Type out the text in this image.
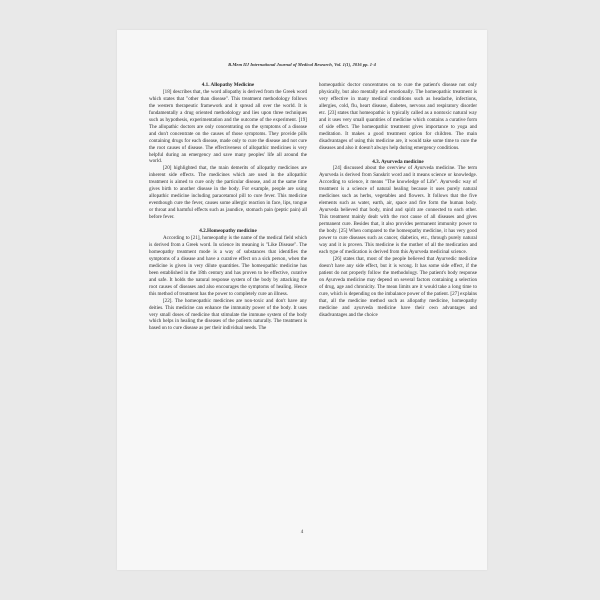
B.Mem IIJ International Journal of Medical Research, Vol. 1(1), 2016 pp. 1-4
4.1. Allopathy Medicine

[18] describes that, the word allopathy is derived from the Greek word which states that "other than disease". This treatment methodology follows the western therapeutic framework and it spread all over the world. It is fundamentally a drug oriented methodology and lies upon three techniques such as hypothesis, experimentation and the outcome of the experiment. [19] The allopathic doctors are only concentrating on the symptoms of a disease and don't concentrate on the causes of those symptoms. They provide pills containing drugs for each disease, made only to cure the disease and not cure the root causes of disease. The effectiveness of allopathic medicines is very helpful during an emergency and save many peoples' life all around the world.

[20] highlighted that, the main demerits of allopathy medicines are inherent side effects. The medicines which are used in the allopathic treatment is aimed to cure only the particular disease, and at the same time gives birth to another disease in the body. For example, people are using allopathic medicine including paracetamol pill to cure fever. This medicine eventhough cure the fever, causes some allergic reaction in face, lips, tongue or throat and harmful effects such as jaundice, stomach pain (peptic pain) all before fever.

4.2.Homeopathy medicine

According to [21], homeopathy is the name of the medical field which is derived from a Greek word. In science its meaning is "Like Disease". The homeopathy treatment mode is a way of substances that identifies the symptoms of a disease and have a curative effect on a sick person, when the medicine is given in very dilute quantities. The homeopathic medicine has been established in the 18th century and has proven to be effective, curative and safe. It holds the natural response system of the body by attacking the root causes of diseases and also encourages the symptoms of healing. Hence this method of treatment has the power to completely cure an illness.

[22]. The homeopathic medicines are non-toxic and don't have any deities. This medicine can enhance the immunity power of the body. It uses very small doses of medicine that stimulate the immune system of the body which helps in healing the diseases of the patients naturally. The treatment is based on to cure disease as per their individual needs. The

homeopathic doctor concentrates on to cure the patient's disease not only physically, but also mentally and emotionally. The homeopathic treatment is very effective in many medical conditions such as headache, infections, allergies, cold, flu, heart disease, diabetes, nervous and respiratory disorder etc. [23] states that homeopathic is typically called as a nontoxic natural way and it uses very small quantities of medicine which contains a curative form of side effect. The homeopathic treatment gives importance to yoga and meditation. It makes a good treatment option for children. The main disadvantages of using this medicine are, it would take some time to cure the diseases and also it doesn't always help during emergency conditions.

4.3. Ayurveda medicine

[24] discussed about the overview of Ayurveda medicine. The term Ayurveda is derived from Sanskrit word and it means science or knowledge. According to science, it means "The knowledge of Life". Ayurvedic way of treatment is a science of natural healing because it uses purely natural medicines such as herbs, vegetables and flowers. It follows that the five elements such as water, earth, air, space and fire form the human body. Ayurveda believed that body, mind and spirit are connected to each other. This treatment mainly dealt with the root cause of all diseases and gives permanent cure. Besides that, it also provides permanent immunity power to the body. [25] When compared to the homeopathy medicine, it has very good power to cure diseases such as cancer, diabetics, etc., through purely natural way and it is proven. This medicine is the mother of all the medication and each type of medication is derived from this Ayurveda medicinal science.

[26] states that, most of the people believed that Ayurvedic medicine doesn't have any side effect, but it is wrong. It has some side effect, if the patient do not properly follow the methodology. The patient's body response on Ayurveda medicine may depend on several factors containing a selection of drug, age and chronicity. The mean limits are it would take a long time to cure, which is depending on the imbalance power of the patient. [27] explains that, all the medicine method such as allopathy medicine, homeopathy medicine and ayurveda medicine have their own advantages and disadvantages and the choice

4
